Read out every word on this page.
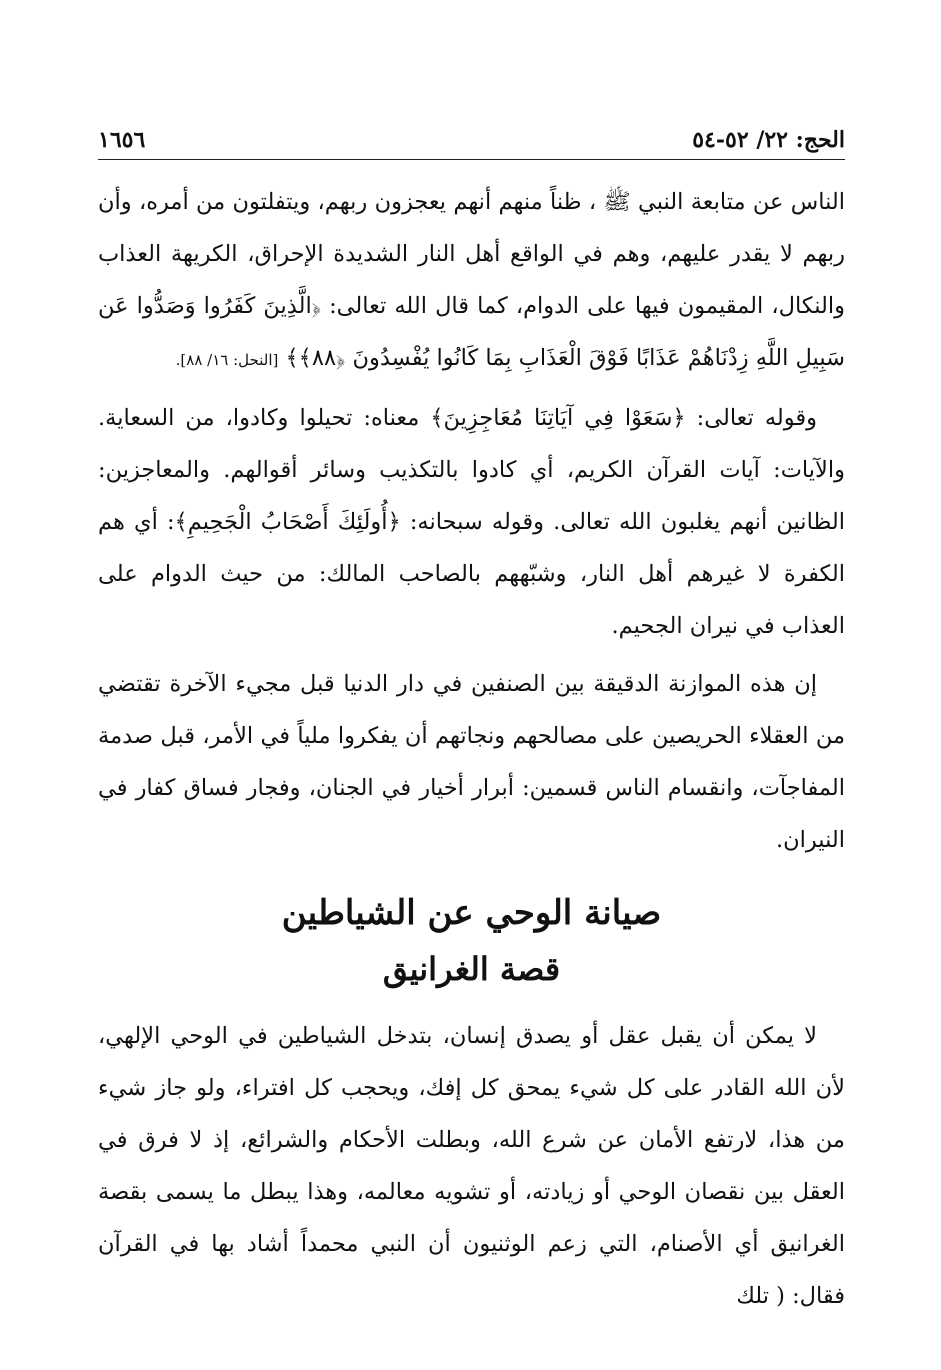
الحج: ٢٢/ ٥٢-٥٤
١٦٥٦

الناس عن متابعة النبي ﷺ ، ظناً منهم أنهم يعجزون ربهم، ويتفلتون من أمره، وأن ربهم لا يقدر عليهم، وهم في الواقع أهل النار الشديدة الإحراق، الكريهة العذاب والنكال، المقيمون فيها على الدوام، كما قال الله تعالى: ﴿الَّذِينَ كَفَرُوا وَصَدُّوا عَن سَبِيلِ اللَّهِ زِدْنَاهُمْ عَذَابًا فَوْقَ الْعَذَابِ بِمَا كَانُوا يُفْسِدُونَ ﴿٨٨﴾﴾ [النحل: ١٦/ ٨٨].

وقوله تعالى: ﴿سَعَوْا فِي آيَاتِنَا مُعَاجِزِينَ﴾ معناه: تحيلوا وكادوا، من السعاية. والآيات: آيات القرآن الكريم، أي كادوا بالتكذيب وسائر أقوالهم. والمعاجزين: الظانين أنهم يغلبون الله تعالى. وقوله سبحانه: ﴿أُولَئِكَ أَصْحَابُ الْجَحِيمِ﴾: أي هم الكفرة لا غيرهم أهل النار، وشبّههم بالصاحب المالك: من حيث الدوام على العذاب في نيران الجحيم.

إن هذه الموازنة الدقيقة بين الصنفين في دار الدنيا قبل مجيء الآخرة تقتضي من العقلاء الحريصين على مصالحهم ونجاتهم أن يفكروا ملياً في الأمر، قبل صدمة المفاجآت، وانقسام الناس قسمين: أبرار أخيار في الجنان، وفجار فساق كفار في النيران.

صيانة الوحي عن الشياطين

قصة الغرانيق

لا يمكن أن يقبل عقل أو يصدق إنسان، بتدخل الشياطين في الوحي الإلهي، لأن الله القادر على كل شيء يمحق كل إفك، ويحجب كل افتراء، ولو جاز شيء من هذا، لارتفع الأمان عن شرع الله، وبطلت الأحكام والشرائع، إذ لا فرق في العقل بين نقصان الوحي أو زيادته، أو تشويه معالمه، وهذا يبطل ما يسمى بقصة الغرانيق أي الأصنام، التي زعم الوثنيون أن النبي محمداً أشاد بها في القرآن فقال: ( تلك
